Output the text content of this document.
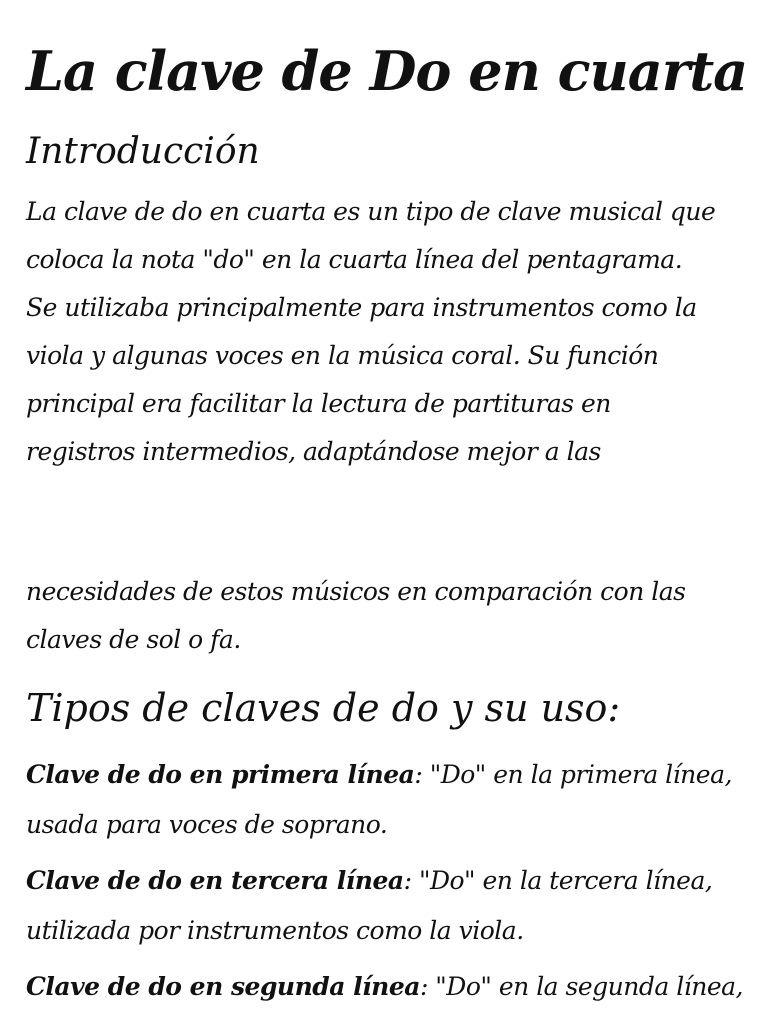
La clave de Do en cuarta
Introducción

La clave de do en cuarta es un tipo de clave musical que
coloca la nota "do" en la cuarta línea del pentagrama.
Se utilizaba principalmente para instrumentos como la
viola y algunas voces en la música coral. Su función
principal era facilitar la lectura de partituras en
registros intermedios, adaptándose mejor a las

necesidades de estos músicos en comparación con las
claves de sol o fa.

Tipos de claves de do y su uso:

Clave de do en primera línea: "Do" en la primera línea,
usada para voces de soprano.

Clave de do en tercera línea: "Do" en la tercera línea,
utilizada por instrumentos como la viola.

Clave de do en segunda línea: "Do" en la segunda línea,
